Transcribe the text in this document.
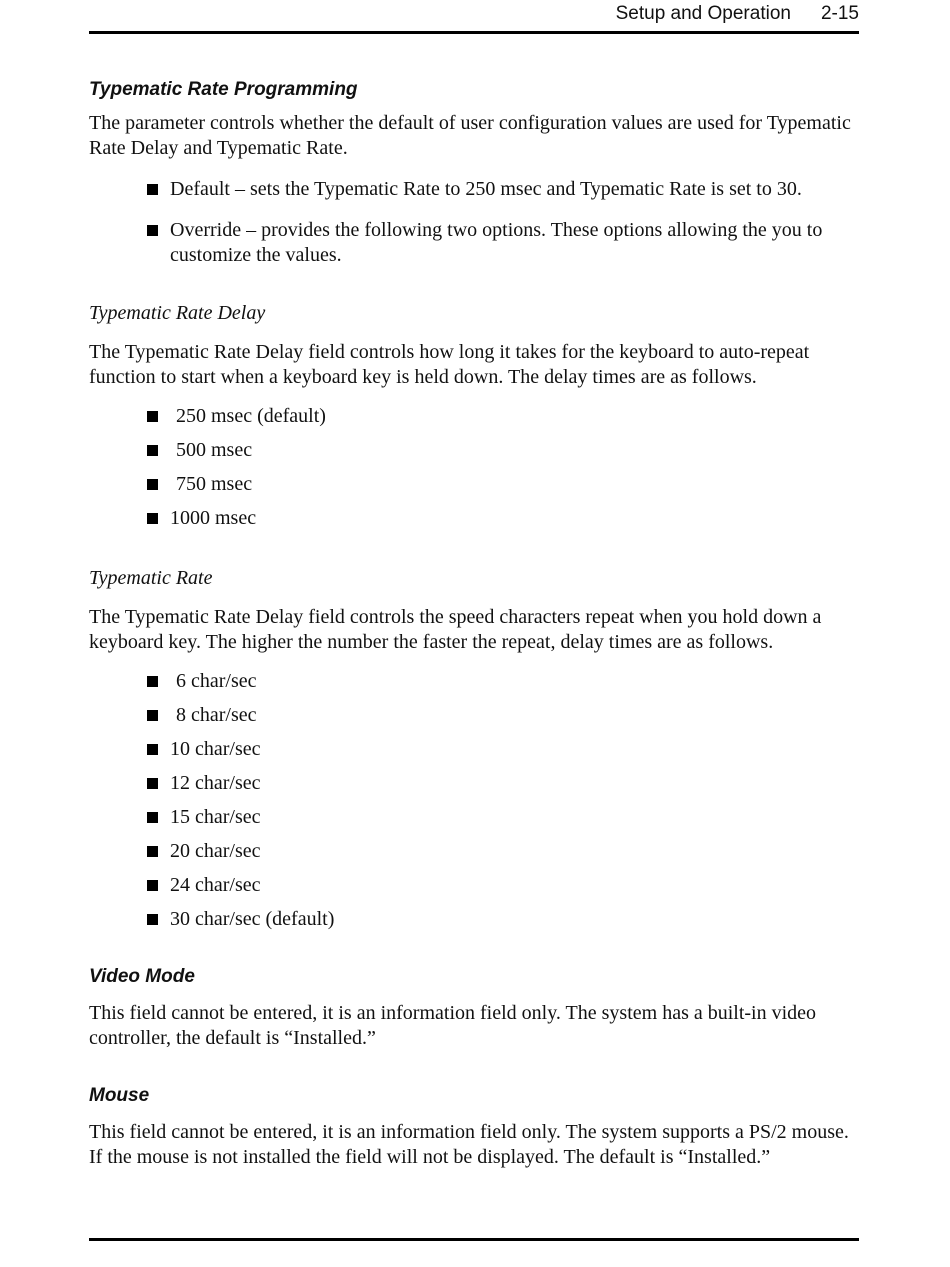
Setup and Operation 2-15
Typematic Rate Programming

The parameter controls whether the default of user configuration values are used for Typematic Rate Delay and Typematic Rate.

Default – sets the Typematic Rate to 250 msec and Typematic Rate is set to 30.
Override – provides the following two options. These options allowing the you to customize the values.
Typematic Rate Delay

The Typematic Rate Delay field controls how long it takes for the keyboard to auto-repeat function to start when a keyboard key is held down. The delay times are as follows.

250 msec (default)
500 msec
750 msec
1000 msec
Typematic Rate

The Typematic Rate Delay field controls the speed characters repeat when you hold down a keyboard key. The higher the number the faster the repeat, delay times are as follows.

6 char/sec
8 char/sec
10 char/sec
12 char/sec
15 char/sec
20 char/sec
24 char/sec
30 char/sec (default)
Video Mode

This field cannot be entered, it is an information field only. The system has a built-in video controller, the default is “Installed.”

Mouse

This field cannot be entered, it is an information field only. The system supports a PS/2 mouse. If the mouse is not installed the field will not be displayed. The default is “Installed.”
